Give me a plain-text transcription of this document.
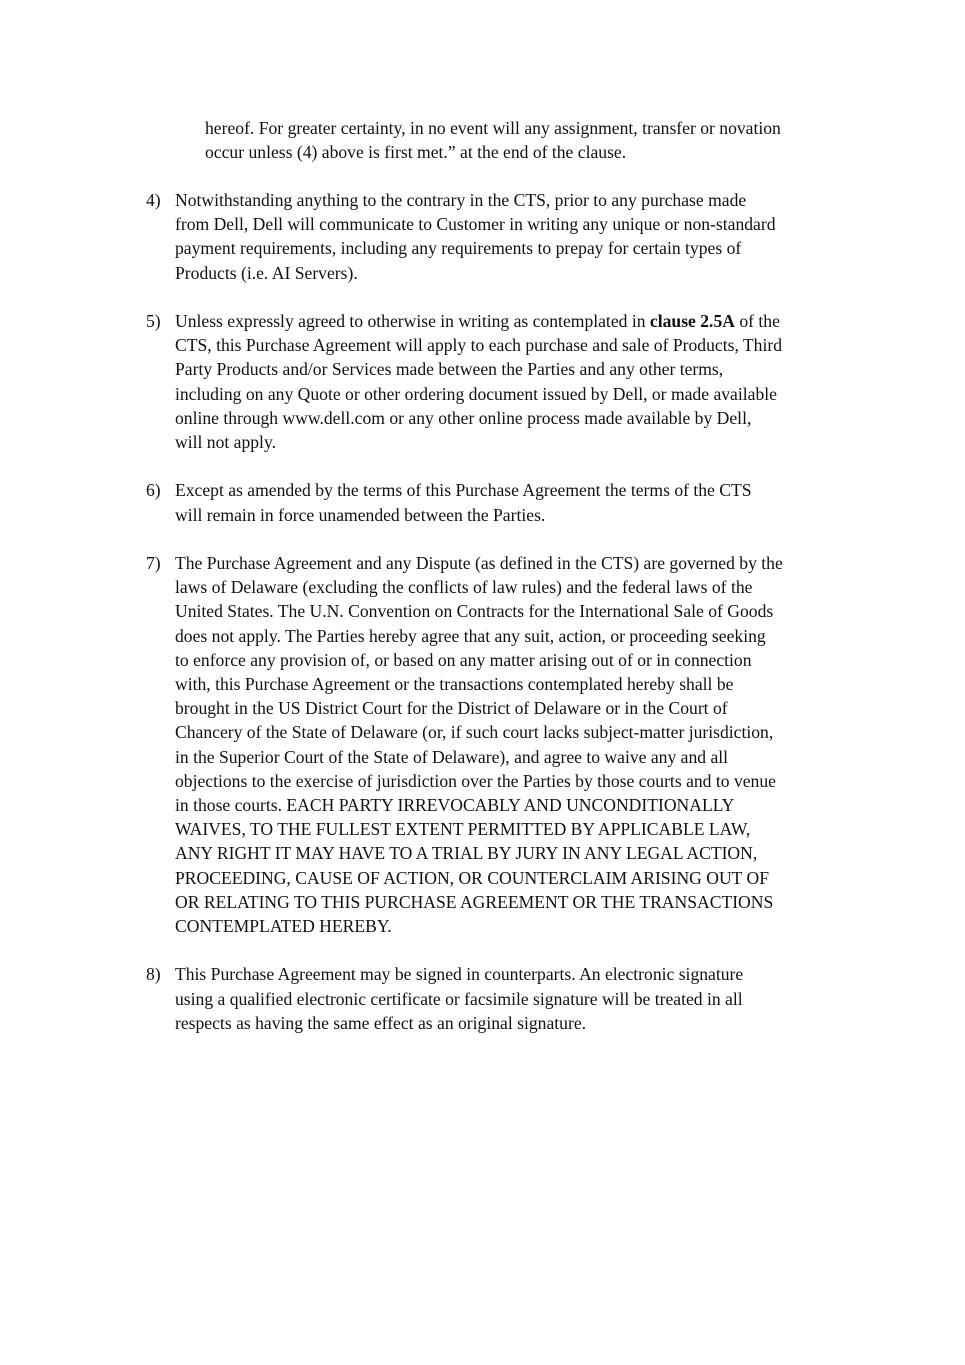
hereof. For greater certainty, in no event will any assignment, transfer or novation
occur unless (4) above is first met.” at the end of the clause.
4) Notwithstanding anything to the contrary in the CTS, prior to any purchase made
from Dell, Dell will communicate to Customer in writing any unique or non-standard
payment requirements, including any requirements to prepay for certain types of
Products (i.e. AI Servers).
5) Unless expressly agreed to otherwise in writing as contemplated in clause 2.5A of the
CTS, this Purchase Agreement will apply to each purchase and sale of Products, Third
Party Products and/or Services made between the Parties and any other terms,
including on any Quote or other ordering document issued by Dell, or made available
online through www.dell.com or any other online process made available by Dell,
will not apply.
6) Except as amended by the terms of this Purchase Agreement the terms of the CTS
will remain in force unamended between the Parties.
7) The Purchase Agreement and any Dispute (as defined in the CTS) are governed by the
laws of Delaware (excluding the conflicts of law rules) and the federal laws of the
United States. The U.N. Convention on Contracts for the International Sale of Goods
does not apply. The Parties hereby agree that any suit, action, or proceeding seeking
to enforce any provision of, or based on any matter arising out of or in connection
with, this Purchase Agreement or the transactions contemplated hereby shall be
brought in the US District Court for the District of Delaware or in the Court of
Chancery of the State of Delaware (or, if such court lacks subject-matter jurisdiction,
in the Superior Court of the State of Delaware), and agree to waive any and all
objections to the exercise of jurisdiction over the Parties by those courts and to venue
in those courts. EACH PARTY IRREVOCABLY AND UNCONDITIONALLY
WAIVES, TO THE FULLEST EXTENT PERMITTED BY APPLICABLE LAW,
ANY RIGHT IT MAY HAVE TO A TRIAL BY JURY IN ANY LEGAL ACTION,
PROCEEDING, CAUSE OF ACTION, OR COUNTERCLAIM ARISING OUT OF
OR RELATING TO THIS PURCHASE AGREEMENT OR THE TRANSACTIONS
CONTEMPLATED HEREBY.
8) This Purchase Agreement may be signed in counterparts. An electronic signature
using a qualified electronic certificate or facsimile signature will be treated in all
respects as having the same effect as an original signature.
